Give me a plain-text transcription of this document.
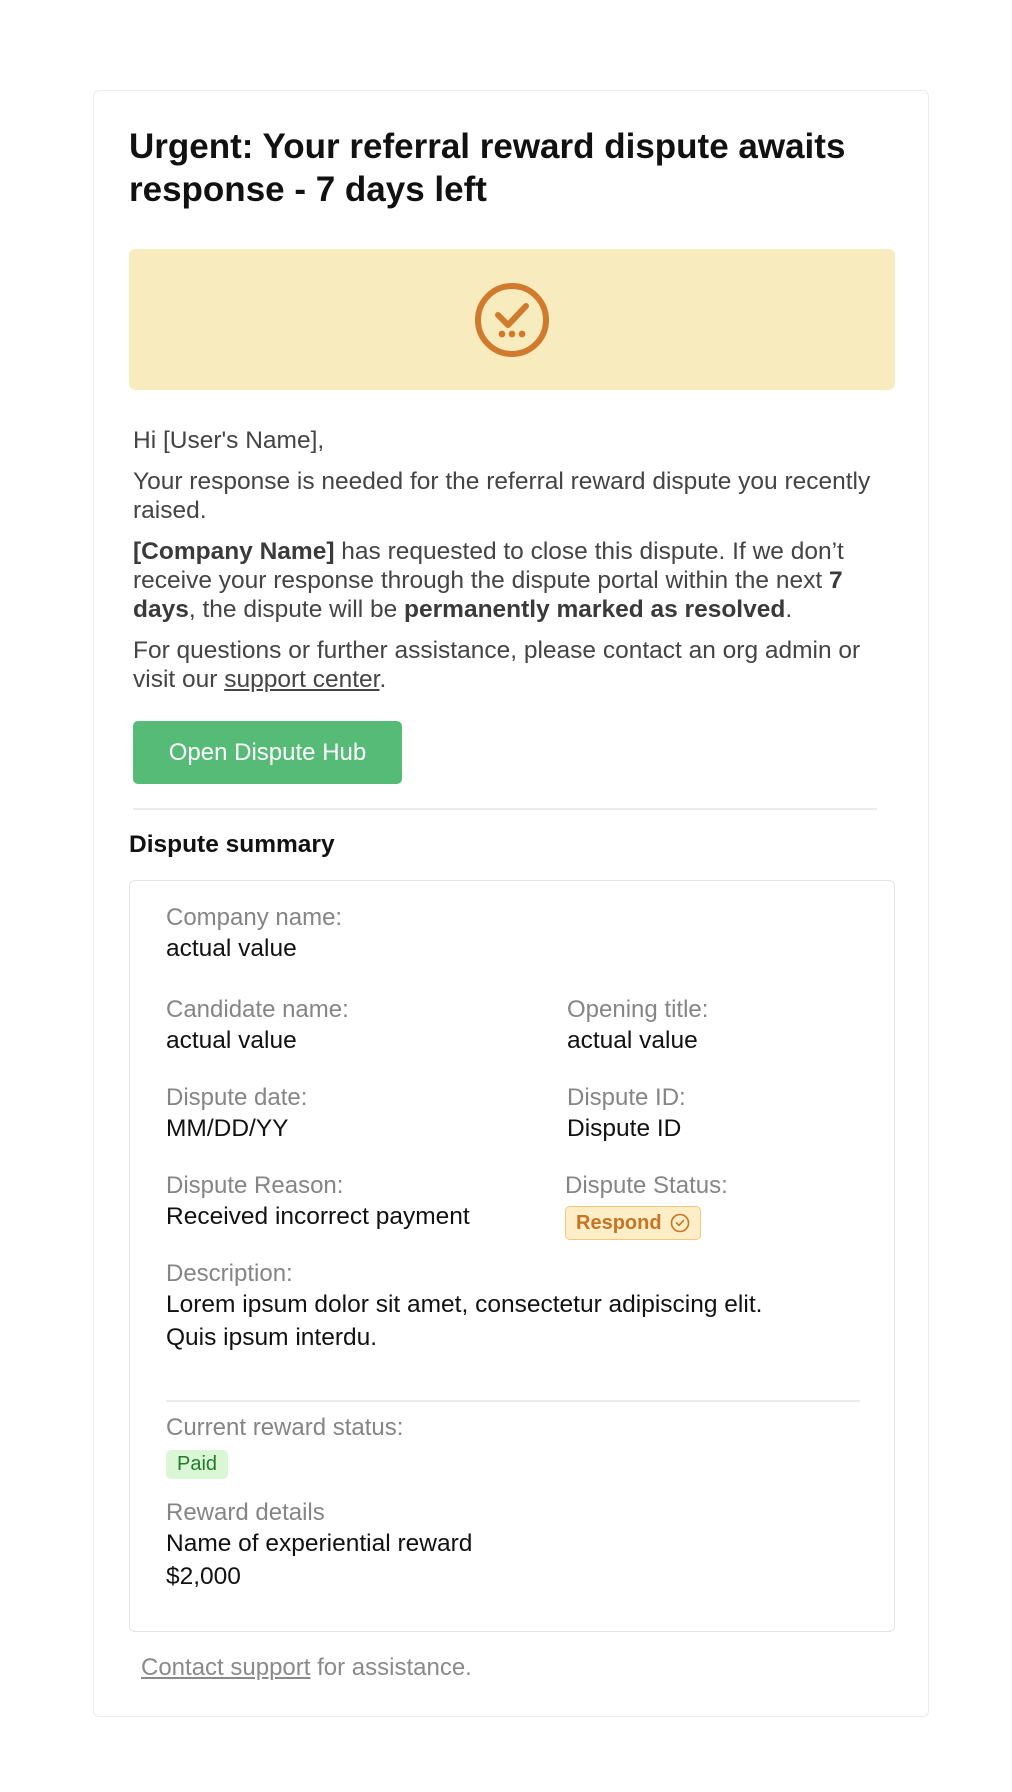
Urgent: Your referral reward dispute awaits response - 7 days left

Hi [User's Name],

Your response is needed for the referral reward dispute you recently raised.

[Company Name] has requested to close this dispute. If we don’t receive your response through the dispute portal within the next 7 days, the dispute will be permanently marked as resolved.

For questions or further assistance, please contact an org admin or visit our support center.

Open Dispute Hub
Dispute summary
Company name:
actual value
Candidate name:
actual value
Opening title:
actual value
Dispute date:
MM/DD/YY
Dispute ID:
Dispute ID
Dispute Reason:
Received incorrect payment
Dispute Status:
Respond
Description:
Lorem ipsum dolor sit amet, consectetur adipiscing elit. Quis ipsum interdu.
Current reward status:
Paid
Reward details
Name of experiential reward
$2,000
Contact support for assistance.
